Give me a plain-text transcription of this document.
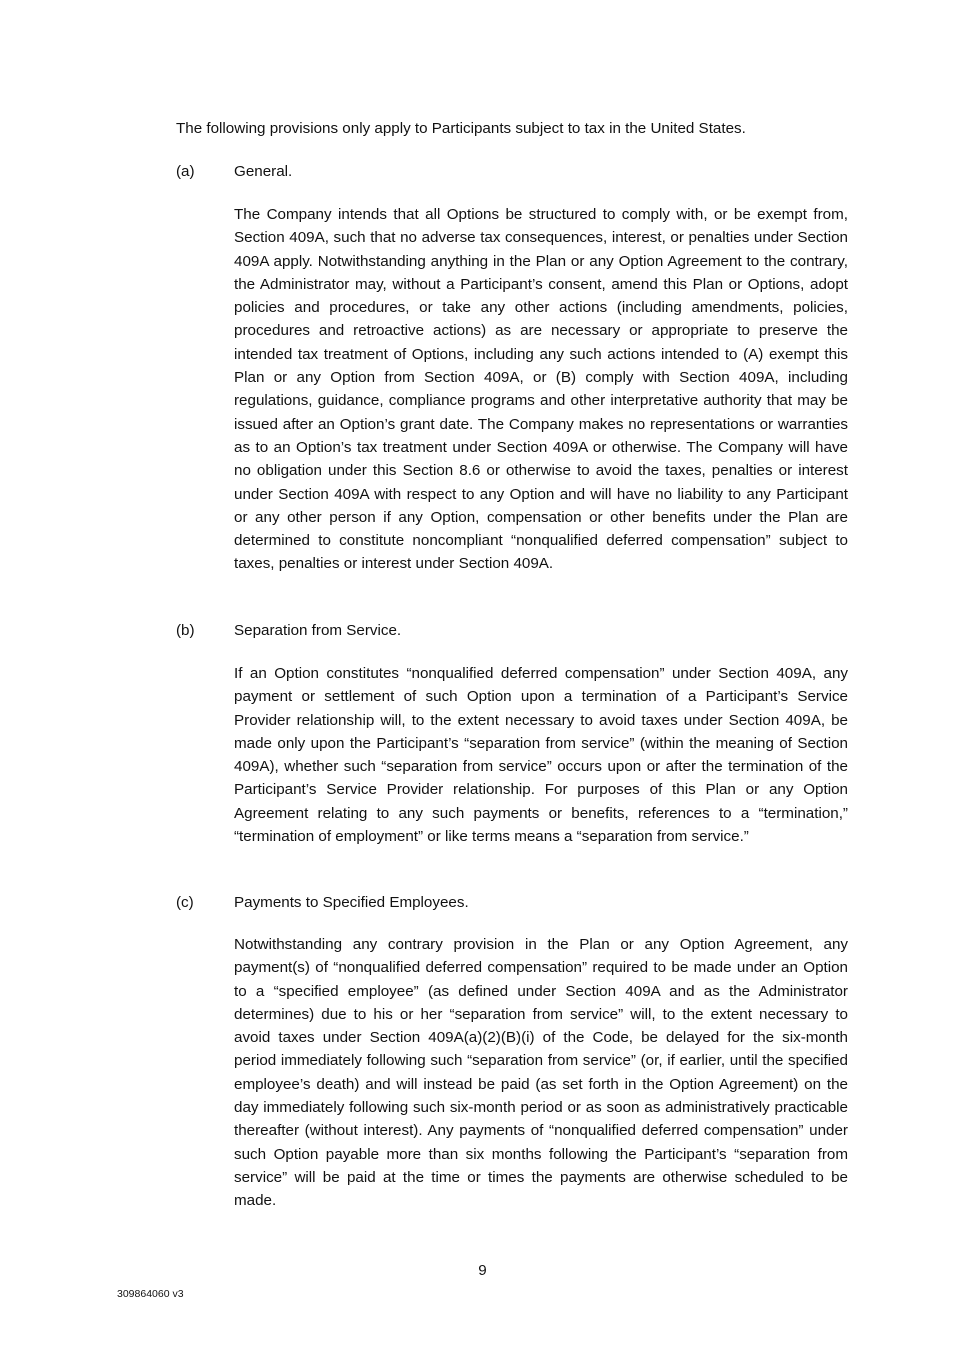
The following provisions only apply to Participants subject to tax in the United States.

(a)	General.

The Company intends that all Options be structured to comply with, or be exempt from, Section 409A, such that no adverse tax consequences, interest, or penalties under Section 409A apply. Notwithstanding anything in the Plan or any Option Agreement to the contrary, the Administrator may, without a Participant’s consent, amend this Plan or Options, adopt policies and procedures, or take any other actions (including amendments, policies, procedures and retroactive actions) as are necessary or appropriate to preserve the intended tax treatment of Options, including any such actions intended to (A) exempt this Plan or any Option from Section 409A, or (B) comply with Section 409A, including regulations, guidance, compliance programs and other interpretative authority that may be issued after an Option’s grant date. The Company makes no representations or warranties as to an Option’s tax treatment under Section 409A or otherwise. The Company will have no obligation under this Section 8.6 or otherwise to avoid the taxes, penalties or interest under Section 409A with respect to any Option and will have no liability to any Participant or any other person if any Option, compensation or other benefits under the Plan are determined to constitute noncompliant “nonqualified deferred compensation” subject to taxes, penalties or interest under Section 409A.

(b)	Separation from Service.

If an Option constitutes “nonqualified deferred compensation” under Section 409A, any payment or settlement of such Option upon a termination of a Participant’s Service Provider relationship will, to the extent necessary to avoid taxes under Section 409A, be made only upon the Participant’s “separation from service” (within the meaning of Section 409A), whether such “separation from service” occurs upon or after the termination of the Participant’s Service Provider relationship. For purposes of this Plan or any Option Agreement relating to any such payments or benefits, references to a “termination,” “termination of employment” or like terms means a “separation from service.”

(c)	Payments to Specified Employees.

Notwithstanding any contrary provision in the Plan or any Option Agreement, any payment(s) of “nonqualified deferred compensation” required to be made under an Option to a “specified employee” (as defined under Section 409A and as the Administrator determines) due to his or her “separation from service” will, to the extent necessary to avoid taxes under Section 409A(a)(2)(B)(i) of the Code, be delayed for the six-month period immediately following such “separation from service” (or, if earlier, until the specified employee’s death) and will instead be paid (as set forth in the Option Agreement) on the day immediately following such six-month period or as soon as administratively practicable thereafter (without interest). Any payments of “nonqualified deferred compensation” under such Option payable more than six months following the Participant’s “separation from service” will be paid at the time or times the payments are otherwise scheduled to be made.

9

309864060 v3
